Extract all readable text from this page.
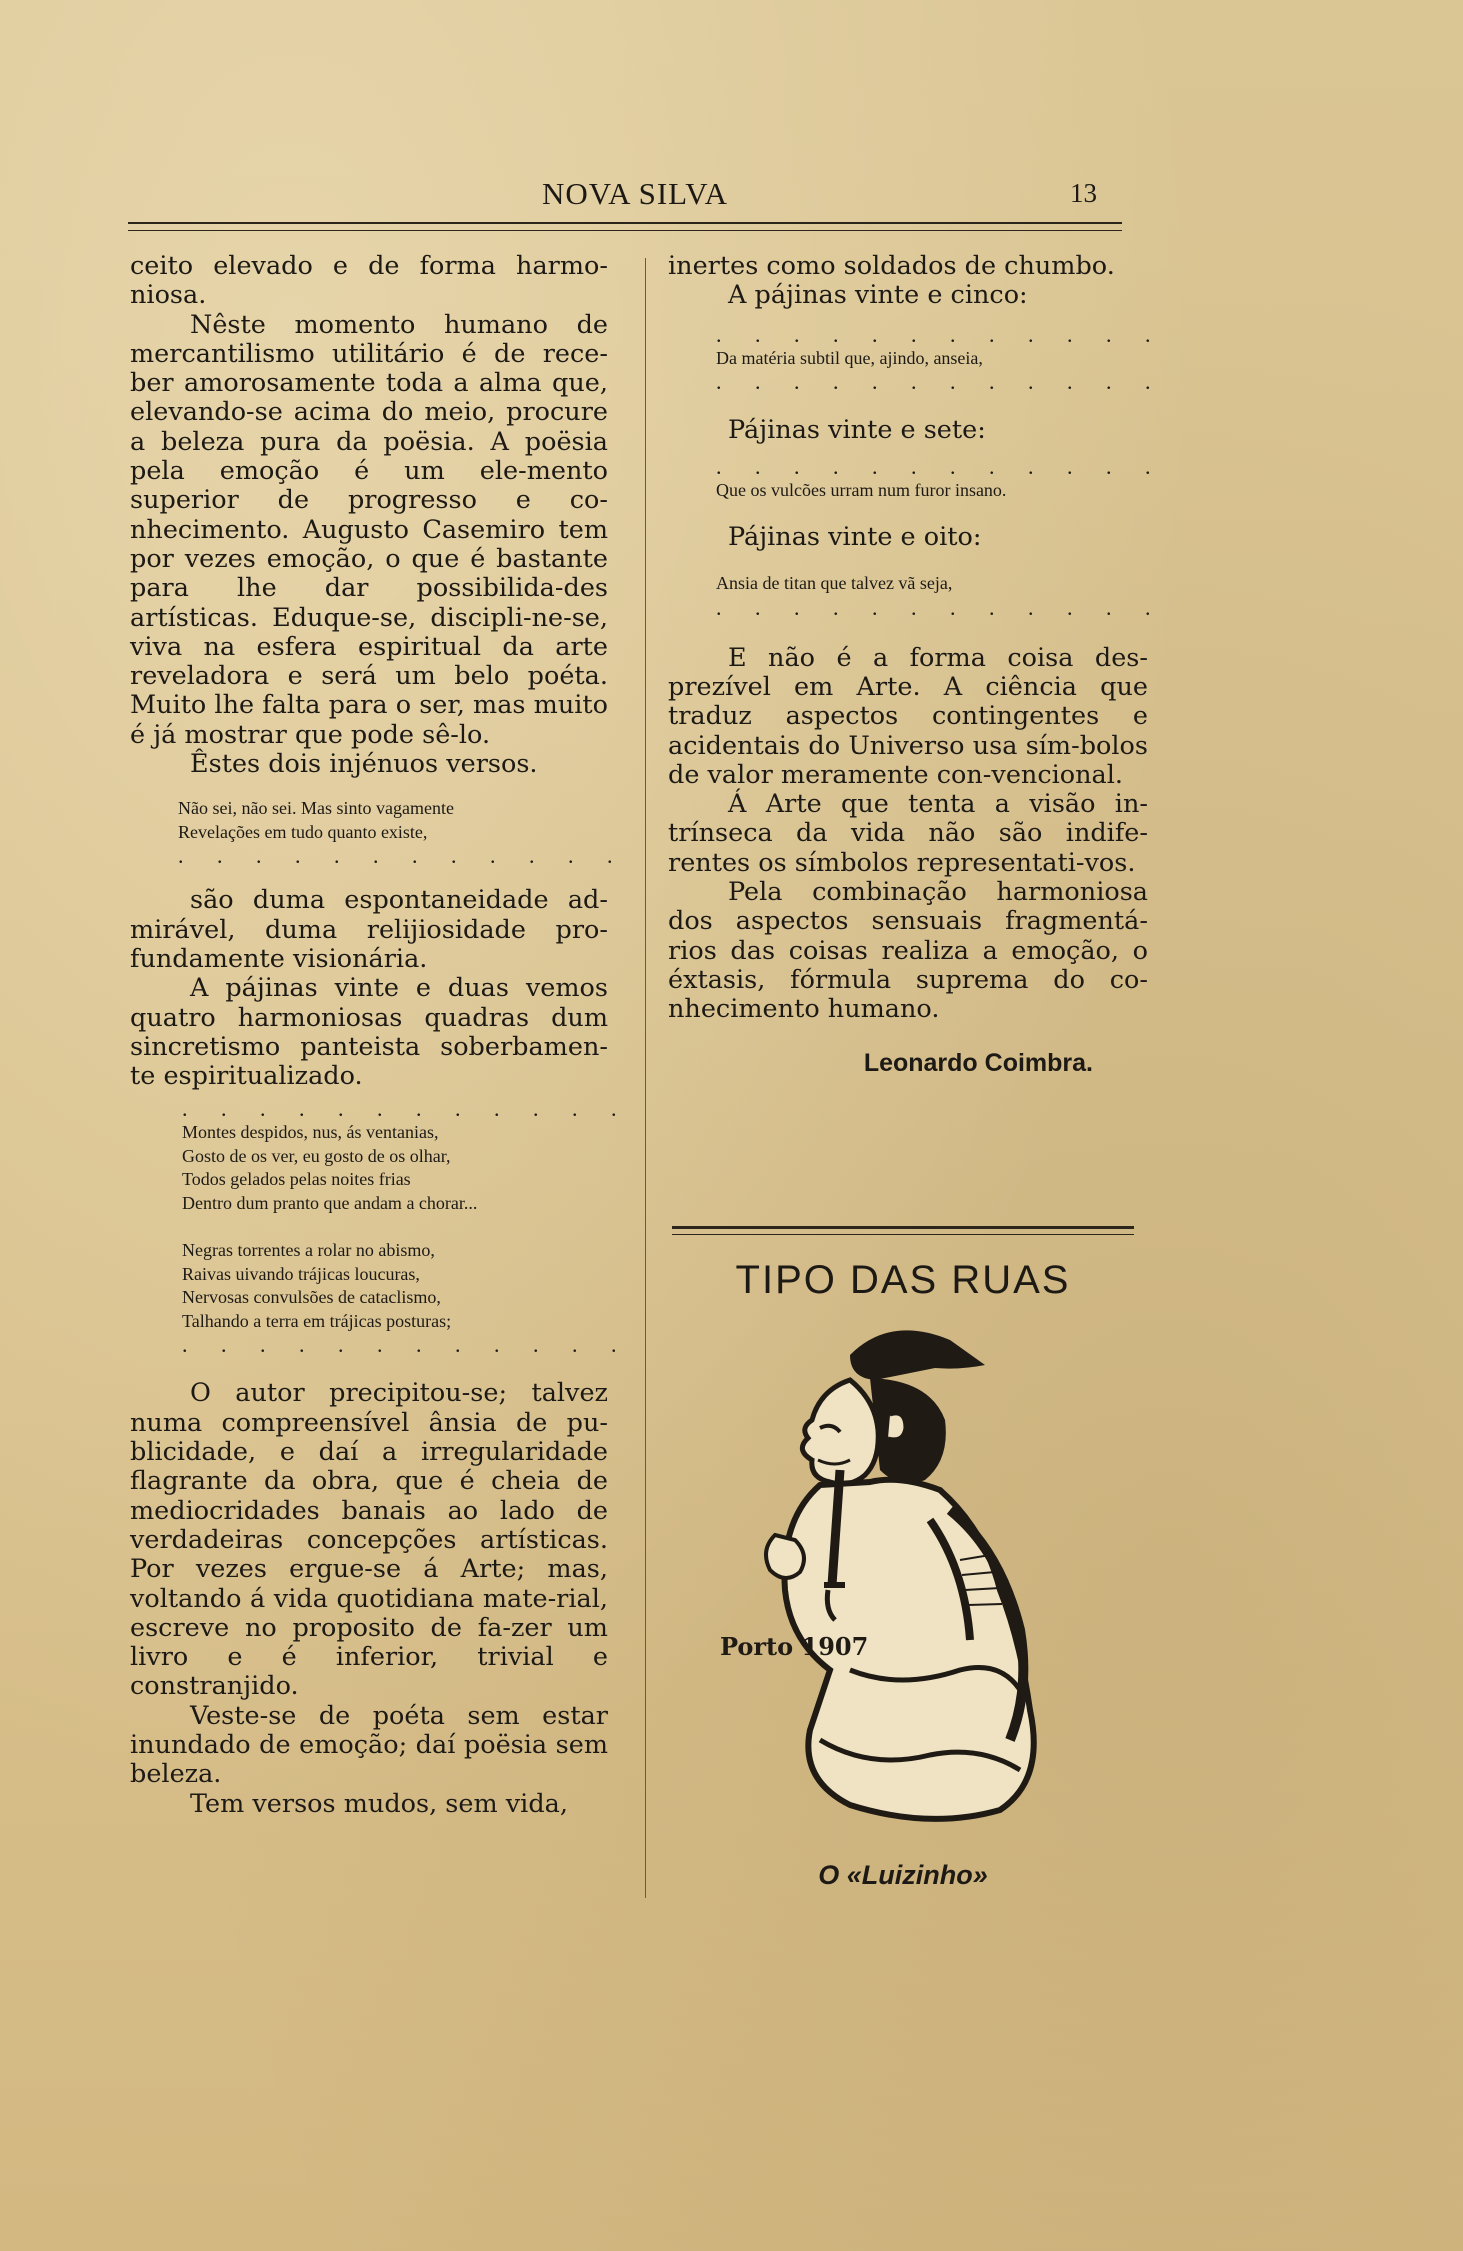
NOVA SILVA	13

ceito elevado e de forma harmo-niosa.

Nêste momento humano de mercantilismo utilitário é de rece-ber amorosamente toda a alma que, elevando-se acima do meio, procure a beleza pura da poësia. A poësia pela emoção é um ele-mento superior de progresso e co-nhecimento. Augusto Casemiro tem por vezes emoção, o que é bastante para lhe dar possibilida-des artísticas. Eduque-se, discipli-ne-se, viva na esfera espiritual da arte reveladora e será um belo poéta. Muito lhe falta para o ser, mas muito é já mostrar que pode sê-lo.

Êstes dois injénuos versos.

Não sei, não sei. Mas sinto vagamente
Revelações em tudo quanto existe,

. . . . . . . . . . . .

são duma espontaneidade ad-mirável, duma relijiosidade pro-fundamente visionária.

A pájinas vinte e duas vemos quatro harmoniosas quadras dum sincretismo panteista soberbamen-te espiritualizado.

. . . . . . . . . . . .

Montes despidos, nus, ás ventanias,
Gosto de os ver, eu gosto de os olhar,
Todos gelados pelas noites frias
Dentro dum pranto que andam a chorar...

Negras torrentes a rolar no abismo,
Raivas uivando trájicas loucuras,
Nervosas convulsões de cataclismo,
Talhando a terra em trájicas posturas;

. . . . . . . . . . . .

O autor precipitou-se; talvez numa compreensível ânsia de pu-blicidade, e daí a irregularidade flagrante da obra, que é cheia de mediocridades banais ao lado de verdadeiras concepções artísticas. Por vezes ergue-se á Arte; mas, voltando á vida quotidiana mate-rial, escreve no proposito de fa-zer um livro e é inferior, trivial e constranjido.

Veste-se de poéta sem estar inundado de emoção; daí poësia sem beleza.

Tem versos mudos, sem vida,

inertes como soldados de chumbo.

A pájinas vinte e cinco:

. . . . . . . . . . . .

Da matéria subtil que, ajindo, anseia,

. . . . . . . . . . . .

Pájinas vinte e sete:

. . . . . . . . . . . .

Que os vulcões urram num furor insano.

Pájinas vinte e oito:

Ansia de titan que talvez vã seja,

. . . . . . . . . . . .

E não é a forma coisa des-prezível em Arte. A ciência que traduz aspectos contingentes e acidentais do Universo usa sím-bolos de valor meramente con-vencional.

Á Arte que tenta a visão in-trínseca da vida não são indife-rentes os símbolos representati-vos.

Pela combinação harmoniosa dos aspectos sensuais fragmentá-rios das coisas realiza a emoção, o éxtasis, fórmula suprema do co-nhecimento humano.

Leonardo Coimbra.

TIPO DAS RUAS
Porto 1907
O «Luizinho»
